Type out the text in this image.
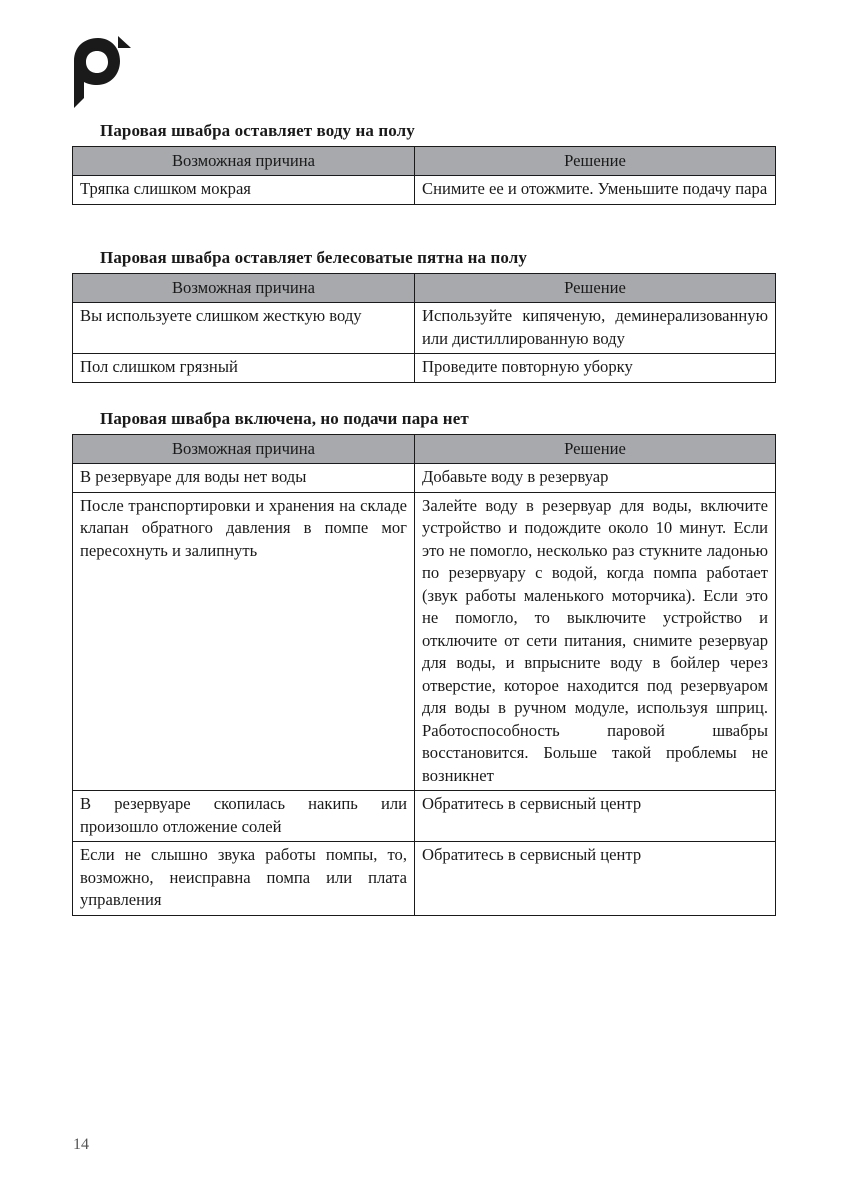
Паровая швабра оставляет воду на полу
Возможная причина	Решение
Тряпка слишком мокрая	Снимите ее и отожмите. Уменьшите подачу пара
Паровая швабра оставляет белесоватые пятна на полу
Возможная причина	Решение
Вы используете слишком жесткую воду	Используйте кипяченую, деминерализованную или дистиллированную воду
Пол слишком грязный	Проведите повторную уборку
Паровая швабра включена, но подачи пара нет
Возможная причина	Решение
В резервуаре для воды нет воды	Добавьте воду в резервуар
После транспортировки и хранения на складе клапан обратного давления в помпе мог пересохнуть и залипнуть	Залейте воду в резервуар для воды, включите устройство и подождите около 10 минут. Если это не помогло, несколько раз стукните ладонью по резервуару с водой, когда помпа работает (звук работы маленького моторчика). Если это не помогло, то выключите устройство и отключите от сети питания, снимите резервуар для воды, и впрысните воду в бойлер через отверстие, которое находится под резервуаром для воды в ручном модуле, используя шприц. Работоспособность паровой швабры восстановится. Больше такой проблемы не возникнет
В резервуаре скопилась накипь или произошло отложение солей	Обратитесь в сервисный центр
Если не слышно звука работы помпы, то, возможно, неисправна помпа или плата управления	Обратитесь в сервисный центр
14
